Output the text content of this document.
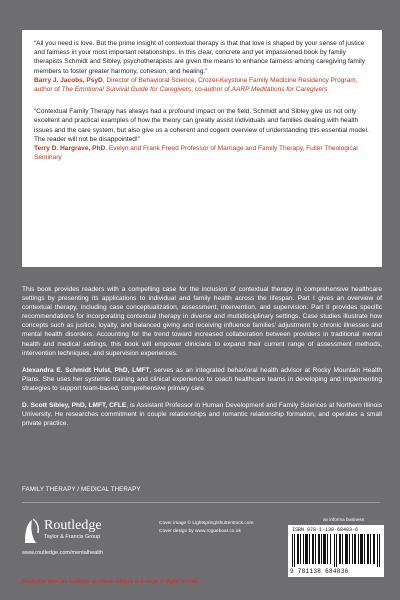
“All you need is love. But the prime insight of contextual therapy is that that love is shaped by your sense of justice and fairness in your most important relationships. In this clear, concrete and yet impassioned book by family therapists Schmidt and Sibley, psychotherapists are given the means to enhance fairness among caregiving family members to foster greater harmony, cohesion, and healing.”

Barry J. Jacobs, PsyD, Director of Behavioral Science, Crozer-Keystone Family Medicine Residency Program, author of The Emotional Survival Guide for Caregivers, co-author of AARP Meditations for Caregivers

“Contextual Family Therapy has always had a profound impact on the field. Schmidt and Sibley give us not only excellent and practical examples of how the theory can greatly assist individuals and families dealing with health issues and the care system, but also give us a coherent and cogent overview of understanding this essential model. The reader will not be disappointed!”

Terry D. Hargrave, PhD, Evelyn and Frank Freed Professor of Marriage and Family Therapy, Fuller Theological Seminary

This book provides readers with a compelling case for the inclusion of contextual therapy in comprehensive healthcare settings by presenting its applications to individual and family health across the lifespan. Part I gives an overview of contextual therapy, including case conceptualization, assessment, intervention, and supervision. Part II provides specific recommendations for incorporating contextual therapy in diverse and multidisciplinary settings. Case studies illustrate how concepts such as justice, loyalty, and balanced giving and receiving influence families’ adjustment to chronic illnesses and mental health disorders. Accounting for the trend toward increased collaboration between providers in traditional mental health and medical settings, this book will empower clinicians to expand their current range of assessment methods, intervention techniques, and supervision experiences.

Alexandra E. Schmidt Hulst, PhD, LMFT, serves as an integrated behavioral health advisor at Rocky Mountain Health Plans. She uses her systemic training and clinical experience to coach healthcare teams in developing and implementing strategies to support team-based, comprehensive primary care.

D. Scott Sibley, PhD, LMFT, CFLE, is Assistant Professor in Human Development and Family Sciences at Northern Illinois University. He researches commitment in couple relationships and romantic relationship formation, and operates a small private practice.

FAMILY THERAPY / MEDICAL THERAPY
Routledge
Taylor & Francis Group
www.routledge.com/mentalhealth
Cover image © Lightspring/shutterstock.com
Cover design by www.rogueboar.co.uk
an informa business
ISBN 978-1-138-68483-6
9 781138 684836
Routledge titles are available as eBook editions in a range of digital formats
